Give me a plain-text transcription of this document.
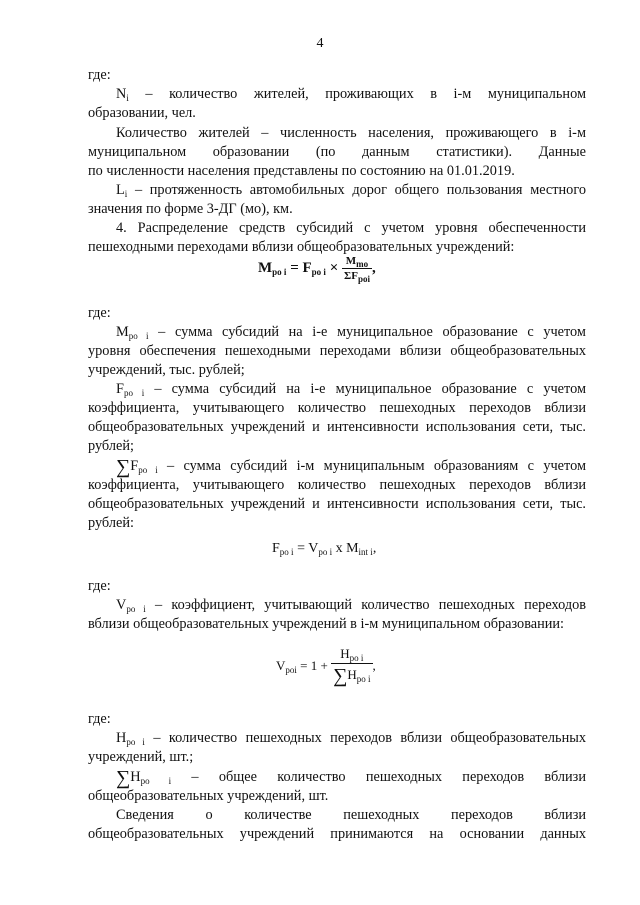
4

где:

$N_i$ – количество жителей, проживающих в i-м муниципальном

образовании, чел.

Количество жителей – численность населения, проживающего в i-м

муниципальном образовании (по данным статистики). Данные

по численности населения представлены по состоянию на 01.01.2019.

$L_i$ – протяженность автомобильных дорог общего пользования местного

значения по форме 3-ДГ (мо), км.

4. Распределение средств субсидий с учетом уровня обеспеченности

пешеходными переходами вблизи общеобразовательных учреждений:

$M_{po i} = F_{po i} \times \frac{M_{mo}}{\Sigma F_{poi}}$ ,

где:

$M_{po i}$ – сумма субсидий на i-е муниципальное образование с учетом

уровня обеспечения пешеходными переходами вблизи общеобразовательных

учреждений, тыс. рублей;

$F_{po i}$ – сумма субсидий на i-е муниципальное образование с учетом

коэффициента, учитывающего количество пешеходных переходов вблизи

общеобразовательных учреждений и интенсивности использования сети, тыс.

рублей;

$\sum F_{po i}$ – сумма субсидий i-м муниципальным образованиям с учетом

коэффициента, учитывающего количество пешеходных переходов вблизи

общеобразовательных учреждений и интенсивности использования сети, тыс.

рублей:

$F_{po i} = V_{po i}$ x $M_{int i}$,

где:

$V_{po i}$ – коэффициент, учитывающий количество пешеходных переходов

вблизи общеобразовательных учреждений в i-м муниципальном образовании:

$V_{poi} = 1 + \frac{H_{po i}}{\sum H_{po i}}$ ,

где:

$H_{po i}$ – количество пешеходных переходов вблизи общеобразовательных

учреждений, шт.;

$\sum H_{po i}$ – общее количество пешеходных переходов вблизи

общеобразовательных учреждений, шт.

Сведения о количестве пешеходных переходов вблизи

общеобразовательных учреждений принимаются на основании данных
